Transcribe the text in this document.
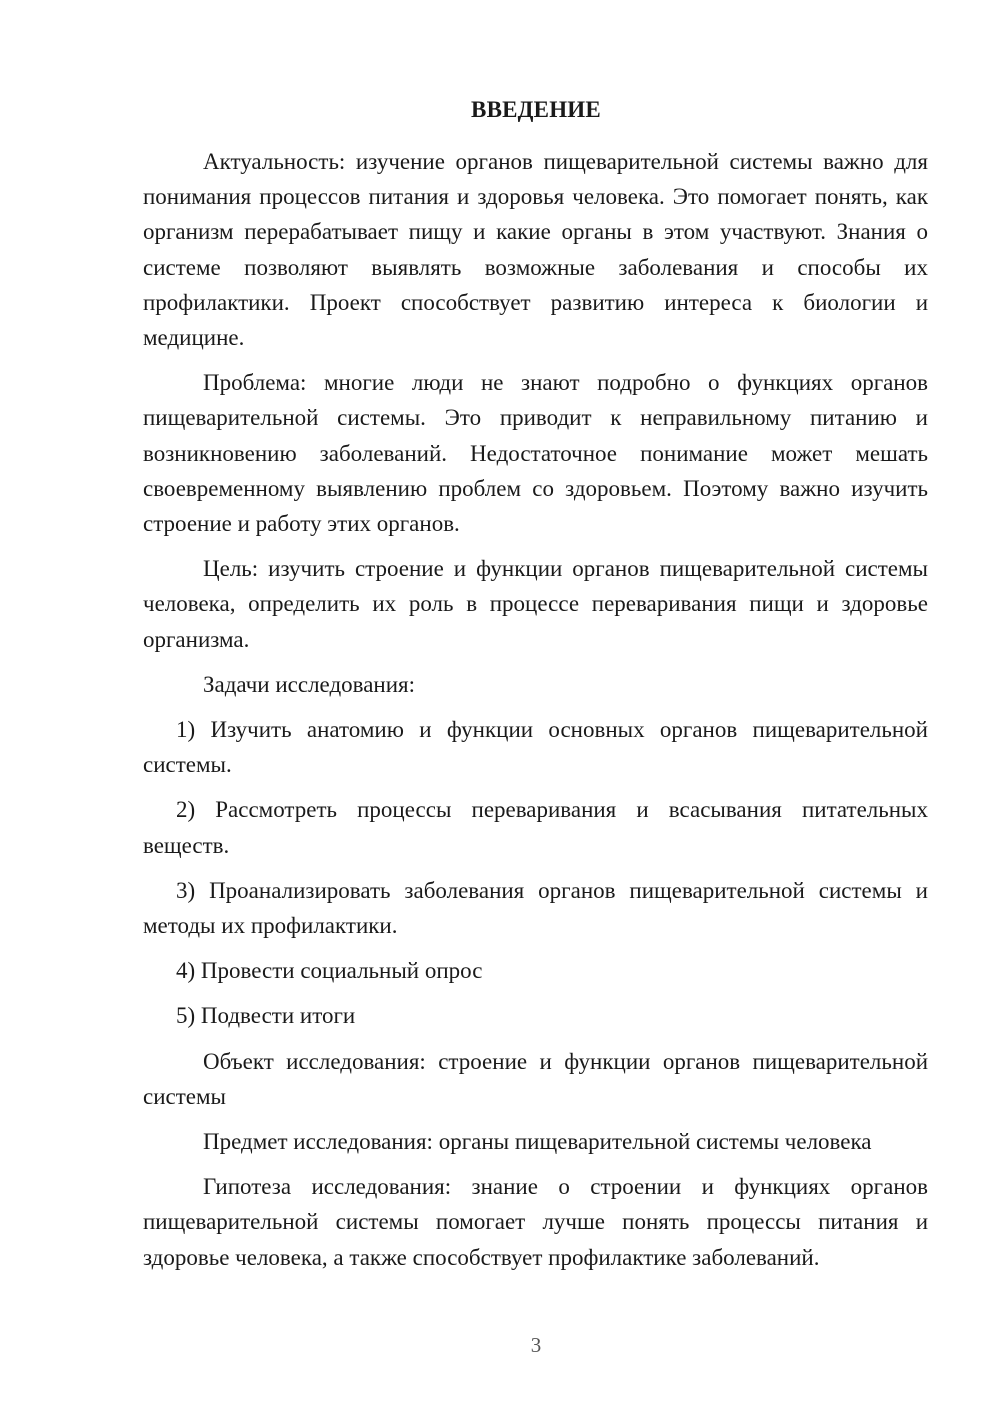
ВВЕДЕНИЕ

Актуальность: изучение органов пищеварительной системы важно для понимания процессов питания и здоровья человека. Это помогает понять, как организм перерабатывает пищу и какие органы в этом участвуют. Знания о системе позволяют выявлять возможные заболевания и способы их профилактики. Проект способствует развитию интереса к биологии и медицине.

Проблема: многие люди не знают подробно о функциях органов пищеварительной системы. Это приводит к неправильному питанию и возникновению заболеваний. Недостаточное понимание может мешать своевременному выявлению проблем со здоровьем. Поэтому важно изучить строение и работу этих органов.

Цель: изучить строение и функции органов пищеварительной системы человека, определить их роль в процессе переваривания пищи и здоровье организма.

Задачи исследования:

1) Изучить анатомию и функции основных органов пищеварительной системы.

2) Рассмотреть процессы переваривания и всасывания питательных веществ.

3) Проанализировать заболевания органов пищеварительной системы и методы их профилактики.

4) Провести социальный опрос

5) Подвести итоги

Объект исследования: строение и функции органов пищеварительной системы

Предмет исследования: органы пищеварительной системы человека

Гипотеза исследования: знание о строении и функциях органов пищеварительной системы помогает лучше понять процессы питания и здоровье человека, а также способствует профилактике заболеваний.

3
